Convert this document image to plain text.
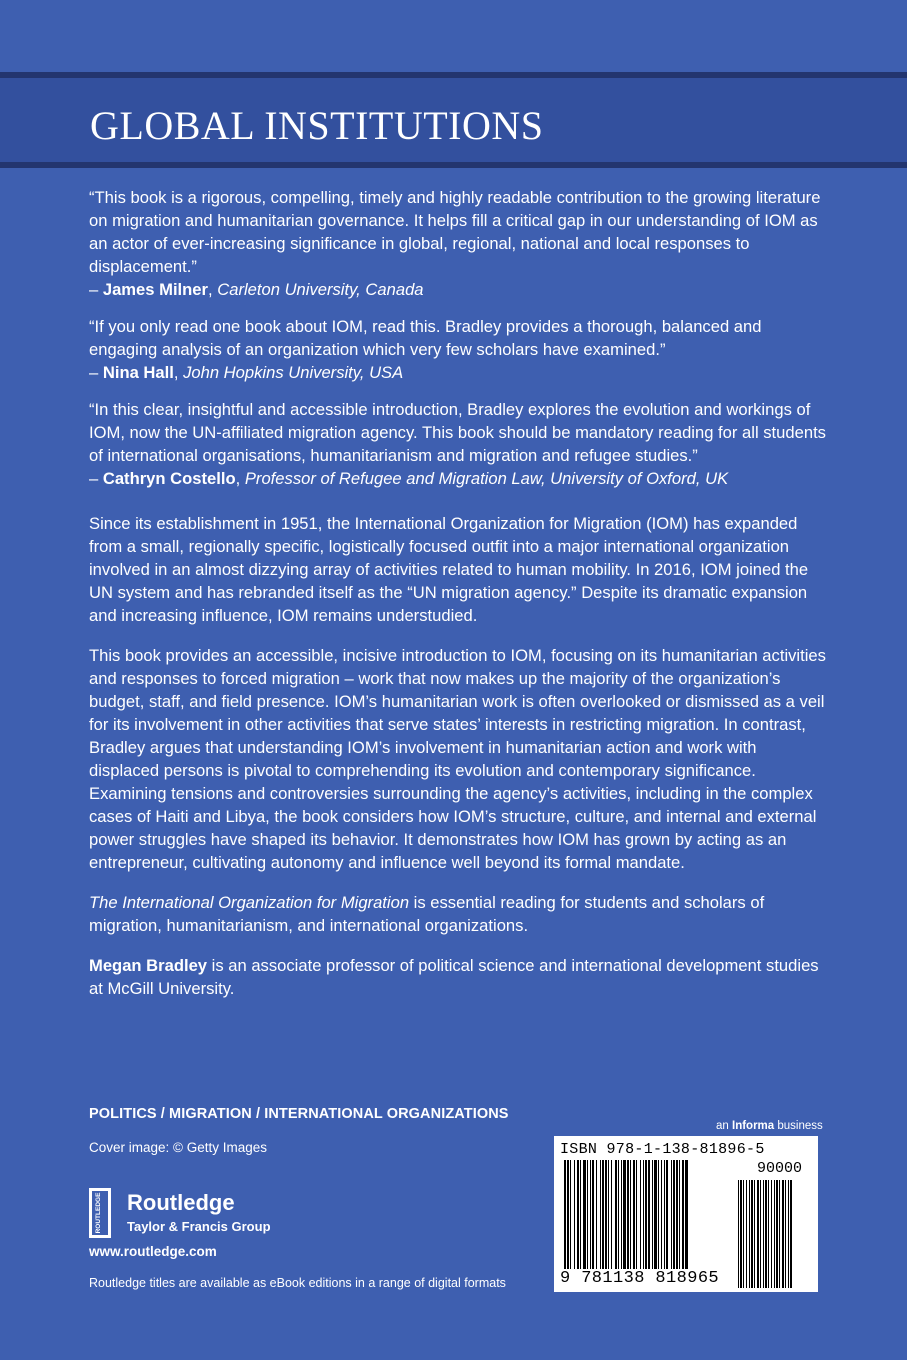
GLOBAL INSTITUTIONS

“This book is a rigorous, compelling, timely and highly readable contribution to the growing literature on migration and humanitarian governance. It helps fill a critical gap in our understanding of IOM as an actor of ever-increasing significance in global, regional, national and local responses to displacement.”

– James Milner, Carleton University, Canada

“If you only read one book about IOM, read this. Bradley provides a thorough, balanced and engaging analysis of an organization which very few scholars have examined.”

– Nina Hall, John Hopkins University, USA

“In this clear, insightful and accessible introduction, Bradley explores the evolution and workings of IOM, now the UN-affiliated migration agency. This book should be mandatory reading for all students of international organisations, humanitarianism and migration and refugee studies.”

– Cathryn Costello, Professor of Refugee and Migration Law, University of Oxford, UK

Since its establishment in 1951, the International Organization for Migration (IOM) has expanded from a small, regionally specific, logistically focused outfit into a major international organization involved in an almost dizzying array of activities related to human mobility. In 2016, IOM joined the UN system and has rebranded itself as the “UN migration agency.” Despite its dramatic expansion and increasing influence, IOM remains understudied.

This book provides an accessible, incisive introduction to IOM, focusing on its humanitarian activities and responses to forced migration – work that now makes up the majority of the organization’s budget, staff, and field presence. IOM’s humanitarian work is often overlooked or dismissed as a veil for its involvement in other activities that serve states’ interests in restricting migration. In contrast, Bradley argues that understanding IOM’s involvement in humanitarian action and work with displaced persons is pivotal to comprehending its evolution and contemporary significance. Examining tensions and controversies surrounding the agency’s activities, including in the complex cases of Haiti and Libya, the book considers how IOM’s structure, culture, and internal and external power struggles have shaped its behavior. It demonstrates how IOM has grown by acting as an entrepreneur, cultivating autonomy and influence well beyond its formal mandate.

The International Organization for Migration is essential reading for students and scholars of migration, humanitarianism, and international organizations.

Megan Bradley is an associate professor of political science and international development studies at McGill University.

POLITICS / MIGRATION / INTERNATIONAL ORGANIZATIONS
Cover image: © Getty Images
ROUTLEDGE Routledge
Taylor & Francis Group
www.routledge.com
Routledge titles are available as eBook editions in a range of digital formats
an Informa business
ISBN 978-1-138-81896-5
90000
9 781138 818965
